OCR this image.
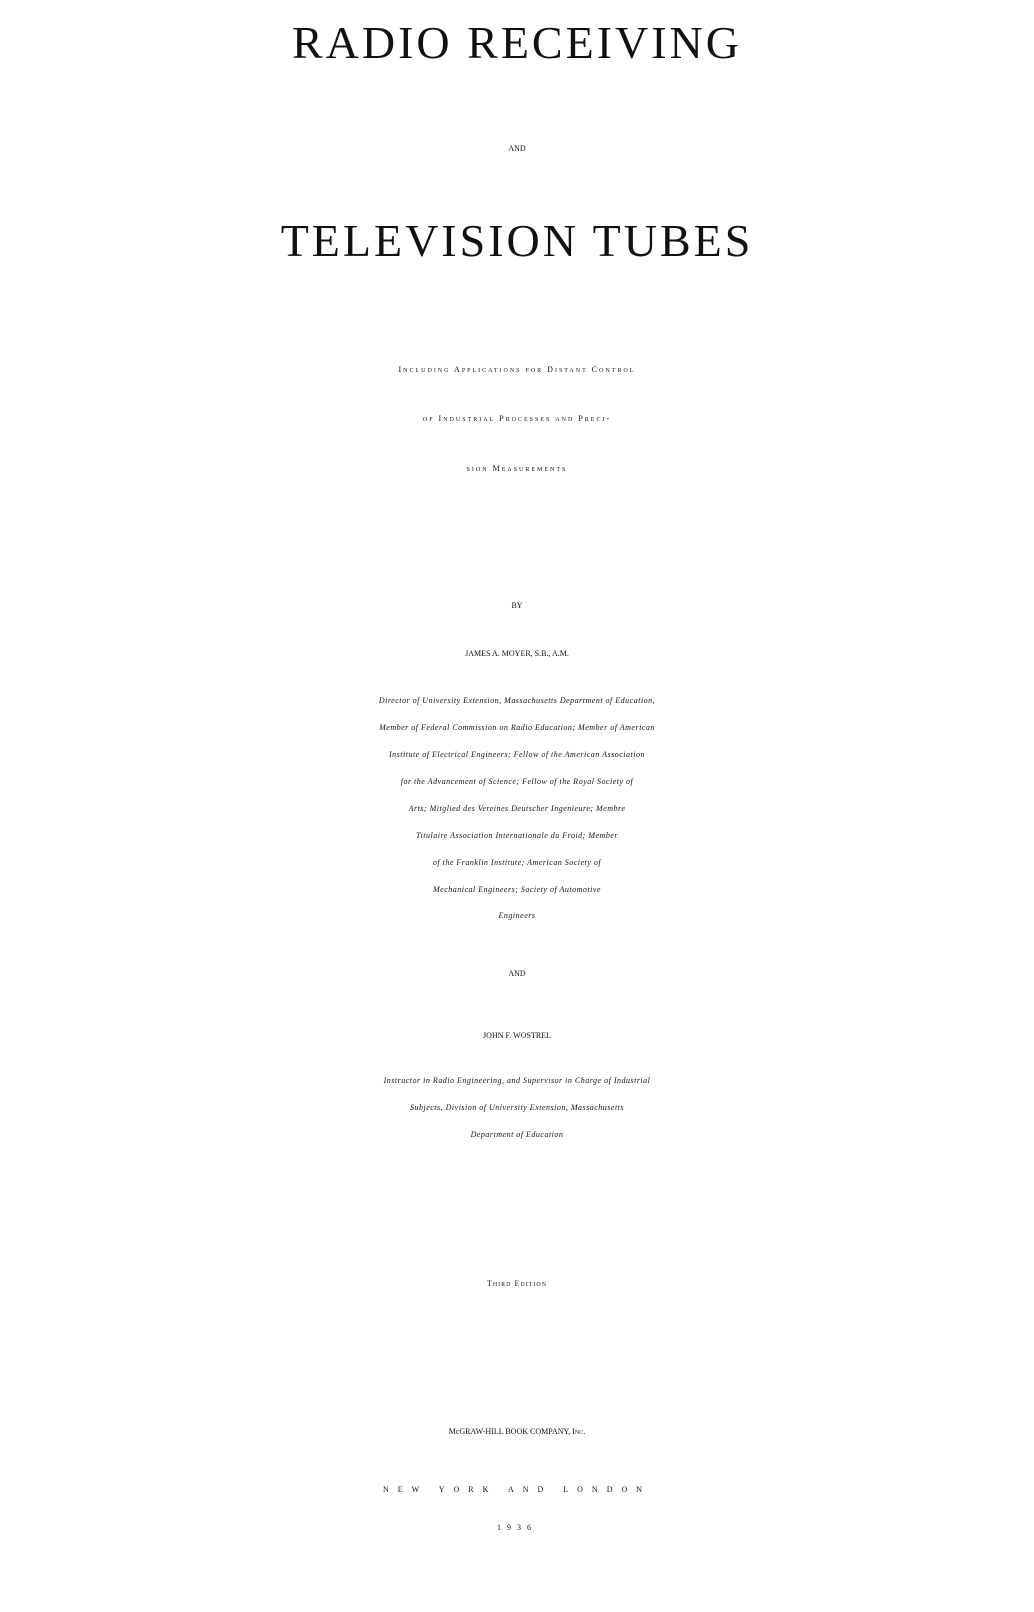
RADIO RECEIVING
AND
TELEVISION TUBES
Including Applications for Distant Control
of Industrial Processes and Preci-
sion Measurements
BY
JAMES A. MOYER, S.B., A.M.
Director of University Extension, Massachusetts Department of Education,
Member of Federal Commission on Radio Education; Member of American
Institute of Electrical Engineers; Fellow of the American Association
for the Advancement of Science; Fellow of the Royal Society of
Arts; Mitglied des Vereines Deutscher Ingenieure; Membre
Titulaire Association Internationale du Froid; Member
of the Franklin Institute; American Society of
Mechanical Engineers; Society of Automotive
Engineers
AND
JOHN F. WOSTREL
Instructor in Radio Engineering, and Supervisor in Charge of Industrial
Subjects, Division of University Extension, Massachusetts
Department of Education
Third Edition
McGRAW-HILL BOOK COMPANY, Inc.
NEW YORK AND LONDON
1936
